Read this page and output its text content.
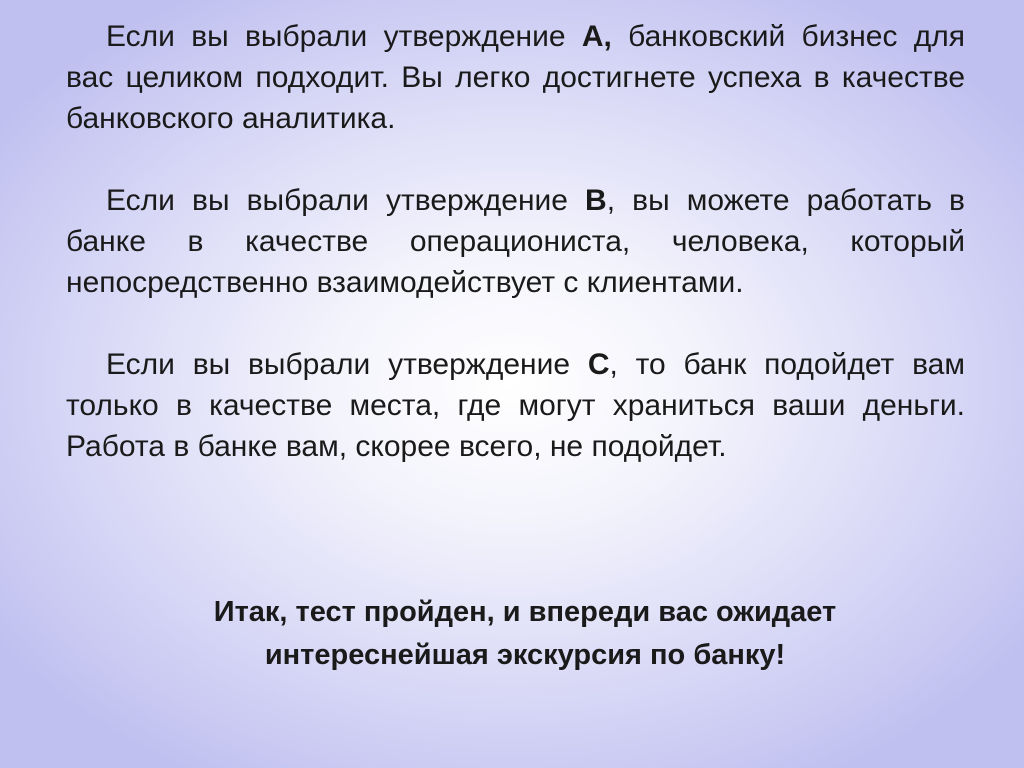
Если вы выбрали утверждение А, банковский бизнес для вас целиком подходит. Вы легко достигнете успеха в качестве банковского аналитика.

Если вы выбрали утверждение В, вы можете работать в банке в качестве операциониста, человека, который непосредственно взаимодействует с клиентами.

Если вы выбрали утверждение С, то банк подойдет вам только в качестве места, где могут храниться ваши деньги. Работа в банке вам, скорее всего, не подойдет.

Итак, тест пройден, и впереди вас ожидает
интереснейшая экскурсия по банку!
